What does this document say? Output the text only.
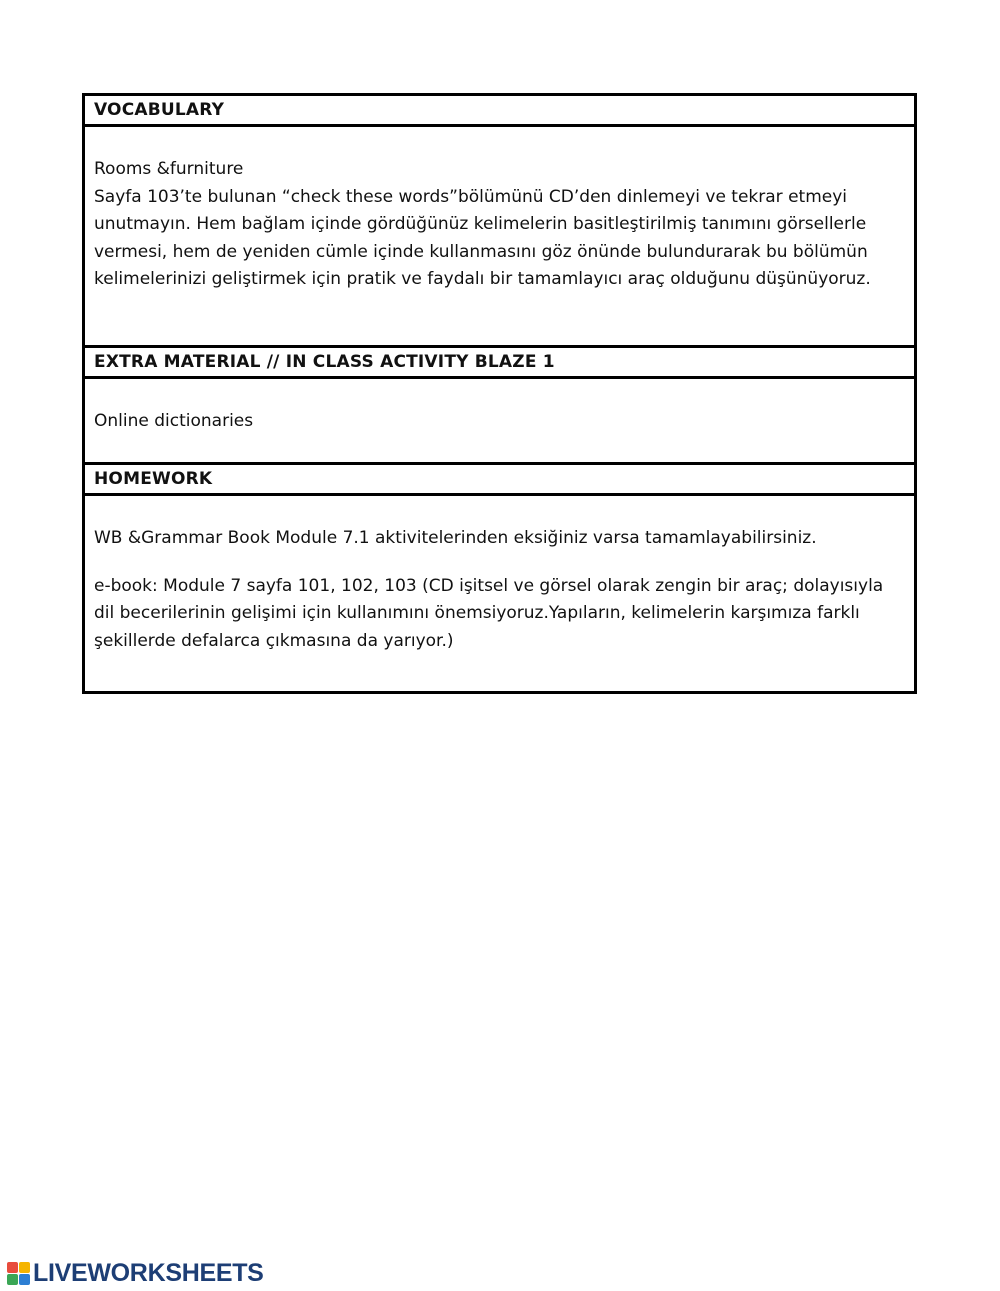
VOCABULARY

Rooms &furniture

Sayfa 103’te bulunan “check these words”bölümünü CD’den dinlemeyi ve tekrar etmeyi unutmayın. Hem bağlam içinde gördüğünüz kelimelerin basitleştirilmiş tanımını görsellerle vermesi, hem de yeniden cümle içinde kullanmasını göz önünde bulundurarak bu bölümün kelimelerinizi geliştirmek için pratik ve faydalı bir tamamlayıcı araç olduğunu düşünüyoruz.

EXTRA MATERIAL // IN CLASS ACTIVITY BLAZE 1

Online dictionaries

HOMEWORK

WB &Grammar Book Module 7.1 aktivitelerinden eksiğiniz varsa tamamlayabilirsiniz.

e-book: Module 7 sayfa 101, 102, 103 (CD işitsel ve görsel olarak zengin bir araç; dolayısıyla dil becerilerinin gelişimi için kullanımını önemsiyoruz.Yapıların, kelimelerin karşımıza farklı şekillerde defalarca çıkmasına da yarıyor.)

LIVEWORKSHEETS
